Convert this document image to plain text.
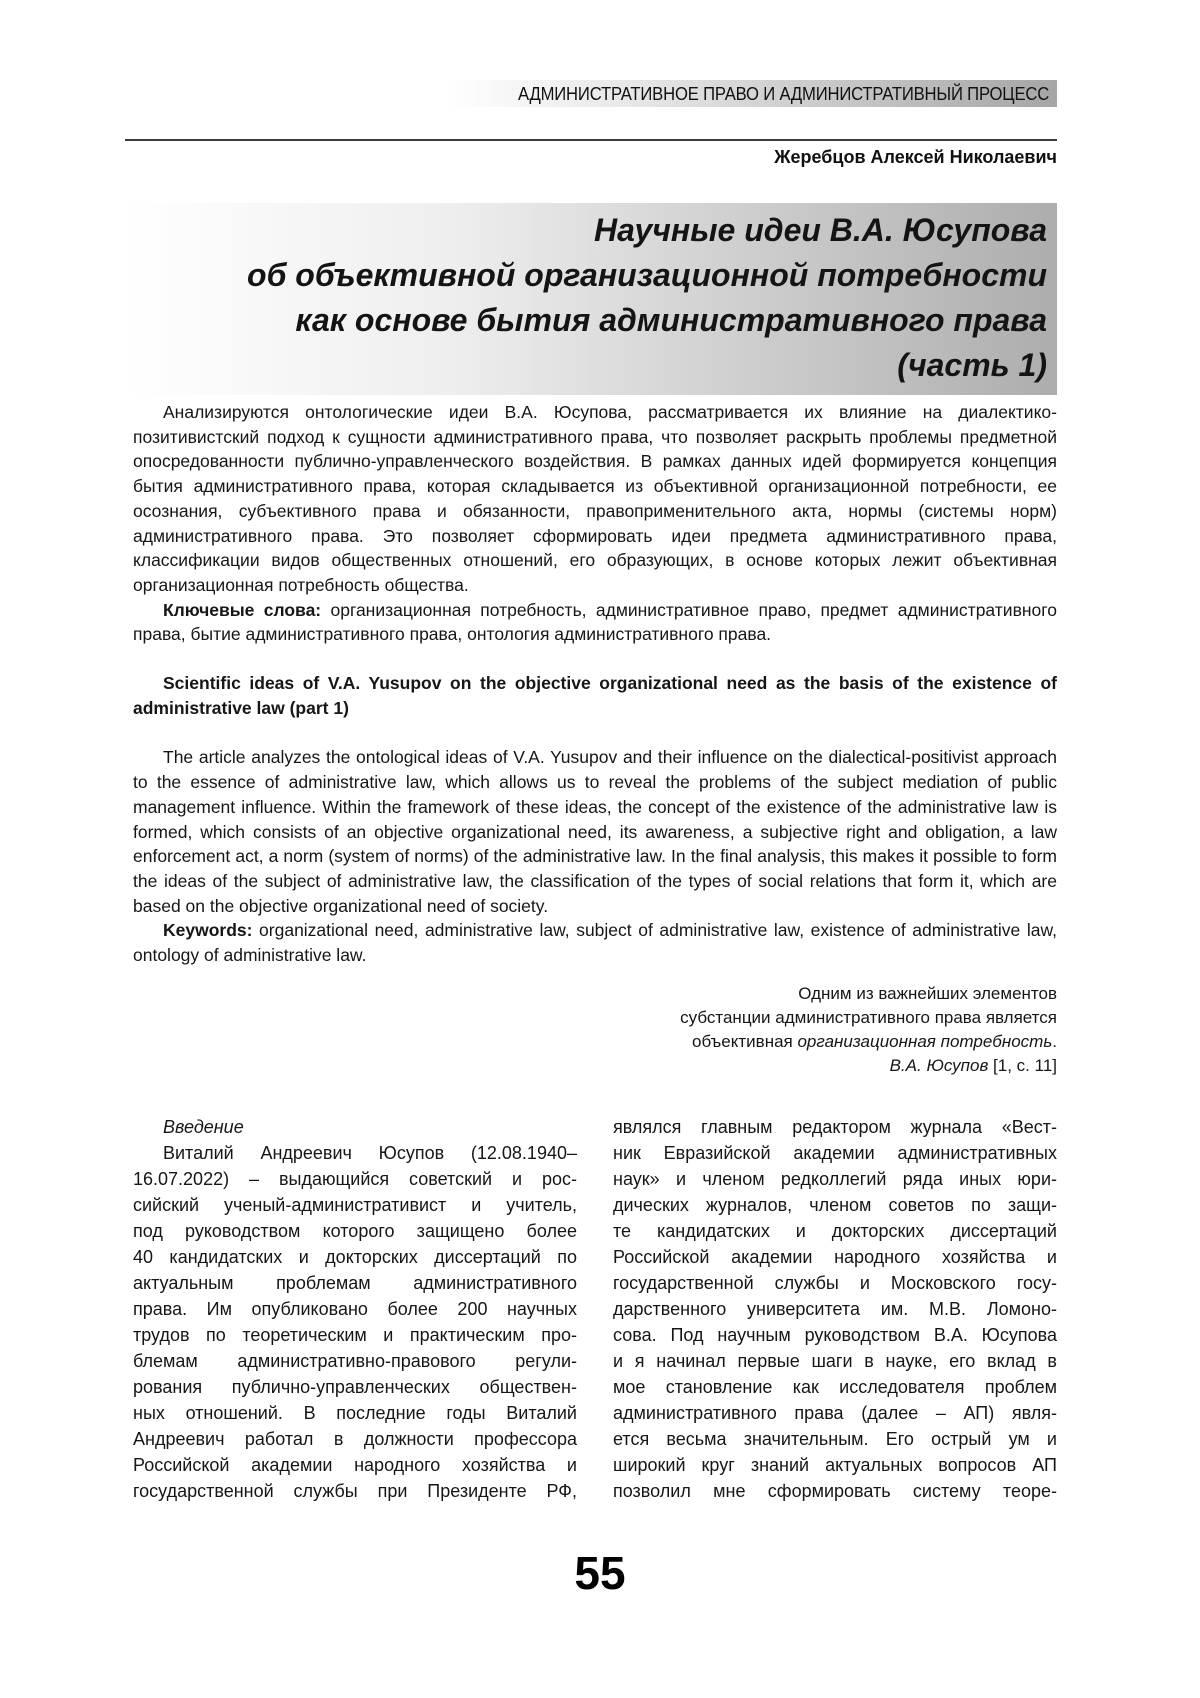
АДМИНИСТРАТИВНОЕ ПРАВО И АДМИНИСТРАТИВНЫЙ ПРОЦЕСС
Жеребцов Алексей Николаевич
Научные идеи В.А. Юсупова
об объективной организационной потребности
как основе бытия административного права
(часть 1)

Анализируются онтологические идеи В.А. Юсупова, рассматривается их влияние на диалектико-позитивистский подход к сущности административного права, что позволяет раскрыть проблемы предметной опосредованности публично-управленческого воздействия. В рамках данных идей формируется концепция бытия административного права, которая складывается из объективной организационной потребности, ее осознания, субъективного права и обязанности, правоприменительного акта, нормы (системы норм) административного права. Это позволяет сформировать идеи предмета административного права, классификации видов общественных отношений, его образующих, в основе которых лежит объективная организационная потребность общества.

Ключевые слова: организационная потребность, административное право, предмет административного права, бытие административного права, онтология административного права.

Scientific ideas of V.A. Yusupov on the objective organizational need as the basis of the existence of administrative law (part 1)

The article analyzes the ontological ideas of V.A. Yusupov and their influence on the dialectical-positivist approach to the essence of administrative law, which allows us to reveal the problems of the subject mediation of public management influence. Within the framework of these ideas, the concept of the existence of the administrative law is formed, which consists of an objective organizational need, its awareness, a subjective right and obligation, a law enforcement act, a norm (system of norms) of the administrative law. In the final analysis, this makes it possible to form the ideas of the subject of administrative law, the classification of the types of social relations that form it, which are based on the objective organizational need of society.

Keywords: organizational need, administrative law, subject of administrative law, existence of administrative law, ontology of administrative law.

Одним из важнейших элементов
субстанции административного права является
объективная организационная потребность.
В.А. Юсупов [1, с. 11]
Введение
Виталий Андреевич Юсупов (12.08.1940–
16.07.2022) – выдающийся советский и рос-
сийский ученый-административист и учитель,
под руководством которого защищено более
40 кандидатских и докторских диссертаций по
актуальным проблемам административного
права. Им опубликовано более 200 научных
трудов по теоретическим и практическим про-
блемам административно-правового регули-
рования публично-управленческих обществен-
ных отношений. В последние годы Виталий
Андреевич работал в должности профессора
Российской академии народного хозяйства и
государственной службы при Президенте РФ,
являлся главным редактором журнала «Вест-
ник Евразийской академии административных
наук» и членом редколлегий ряда иных юри-
дических журналов, членом советов по защи-
те кандидатских и докторских диссертаций
Российской академии народного хозяйства и
государственной службы и Московского госу-
дарственного университета им. М.В. Ломоно-
сова. Под научным руководством В.А. Юсупова
и я начинал первые шаги в науке, его вклад в
мое становление как исследователя проблем
административного права (далее – АП) явля-
ется весьма значительным. Его острый ум и
широкий круг знаний актуальных вопросов АП
позволил мне сформировать систему теоре-
55
